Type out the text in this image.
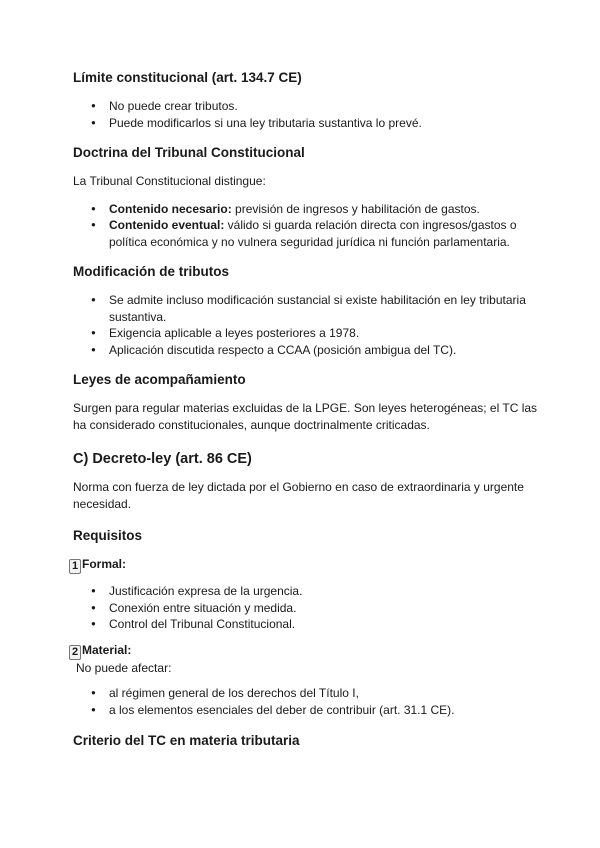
Límite constitucional (art. 134.7 CE)
● No puede crear tributos.
● Puede modificarlos si una ley tributaria sustantiva lo prevé.
Doctrina del Tribunal Constitucional

La Tribunal Constitucional distingue:

● Contenido necesario: previsión de ingresos y habilitación de gastos.
● Contenido eventual: válido si guarda relación directa con ingresos/gastos o política económica y no vulnera seguridad jurídica ni función parlamentaria.
Modificación de tributos
● Se admite incluso modificación sustancial si existe habilitación en ley tributaria sustantiva.
● Exigencia aplicable a leyes posteriores a 1978.
● Aplicación discutida respecto a CCAA (posición ambigua del TC).
Leyes de acompañamiento

Surgen para regular materias excluidas de la LPGE. Son leyes heterogéneas; el TC las ha considerado constitucionales, aunque doctrinalmente criticadas.

C) Decreto-ley (art. 86 CE)

Norma con fuerza de ley dictada por el Gobierno en caso de extraordinaria y urgente necesidad.

Requisitos
1 Formal:
● Justificación expresa de la urgencia.
● Conexión entre situación y medida.
● Control del Tribunal Constitucional.
2 Material:

No puede afectar:

● al régimen general de los derechos del Título I,
● a los elementos esenciales del deber de contribuir (art. 31.1 CE).
Criterio del TC en materia tributaria
